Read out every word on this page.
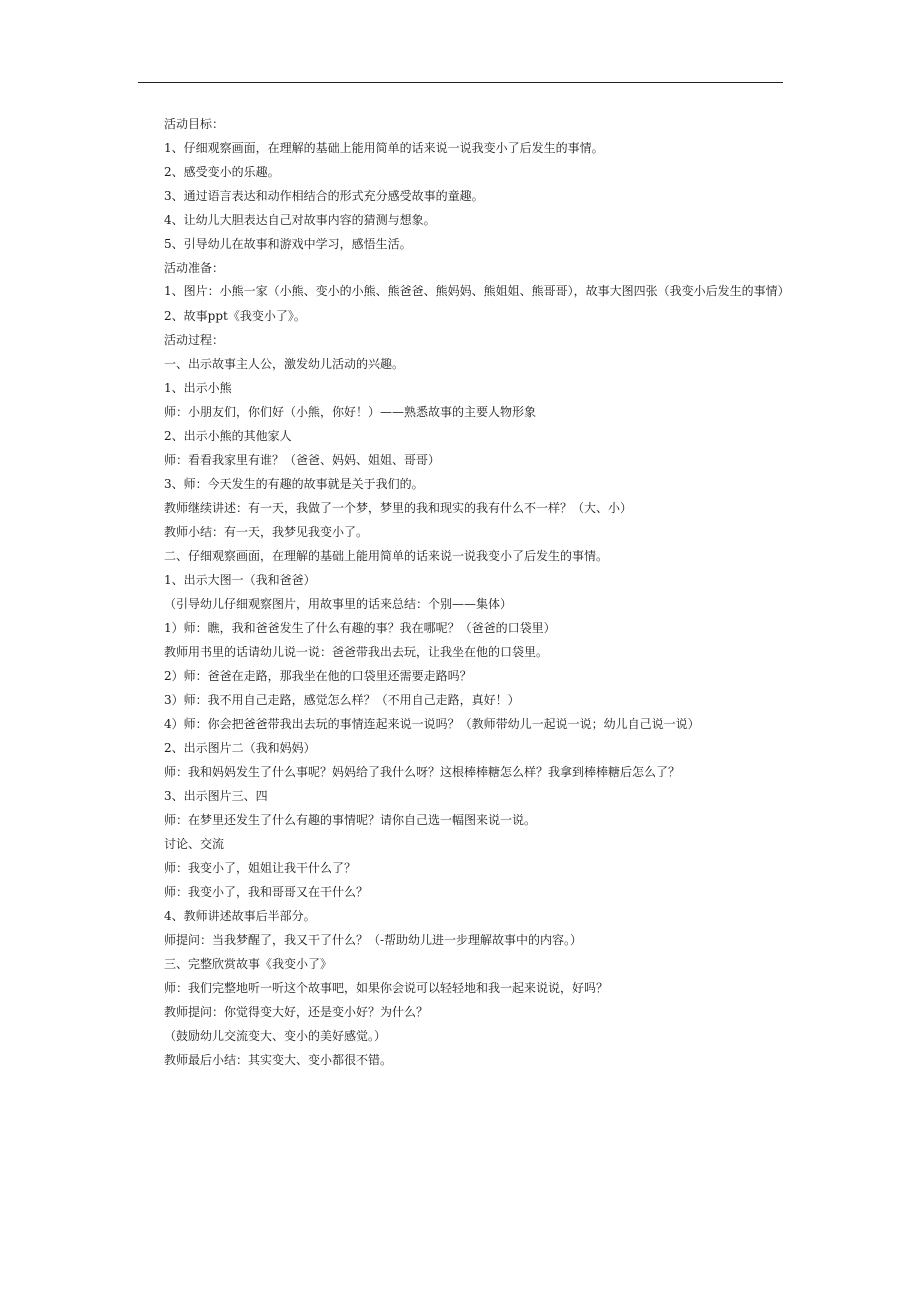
活动目标：
1、仔细观察画面，在理解的基础上能用简单的话来说一说我变小了后发生的事情。
2、感受变小的乐趣。
3、通过语言表达和动作相结合的形式充分感受故事的童趣。
4、让幼儿大胆表达自己对故事内容的猜测与想象。
5、引导幼儿在故事和游戏中学习，感悟生活。
活动准备：
1、图片：小熊一家（小熊、变小的小熊、熊爸爸、熊妈妈、熊姐姐、熊哥哥），故事大图四张（我变小后发生的事情）
2、故事ppt《我变小了》。
活动过程：
一、出示故事主人公，激发幼儿活动的兴趣。
1、出示小熊
师：小朋友们，你们好（小熊，你好！）——熟悉故事的主要人物形象
2、出示小熊的其他家人
师：看看我家里有谁？（爸爸、妈妈、姐姐、哥哥）
3、师：今天发生的有趣的故事就是关于我们的。
教师继续讲述：有一天，我做了一个梦，梦里的我和现实的我有什么不一样？（大、小）
教师小结：有一天，我梦见我变小了。
二、仔细观察画面，在理解的基础上能用简单的话来说一说我变小了后发生的事情。
1、出示大图一（我和爸爸）
（引导幼儿仔细观察图片，用故事里的话来总结：个别——集体）
1）师：瞧，我和爸爸发生了什么有趣的事？我在哪呢？（爸爸的口袋里）
教师用书里的话请幼儿说一说：爸爸带我出去玩，让我坐在他的口袋里。
2）师：爸爸在走路，那我坐在他的口袋里还需要走路吗？
3）师：我不用自己走路，感觉怎么样？（不用自己走路，真好！）
4）师：你会把爸爸带我出去玩的事情连起来说一说吗？（教师带幼儿一起说一说；幼儿自己说一说）
2、出示图片二（我和妈妈）
师：我和妈妈发生了什么事呢？妈妈给了我什么呀？这根棒棒糖怎么样？我拿到棒棒糖后怎么了？
3、出示图片三、四
师：在梦里还发生了什么有趣的事情呢？请你自己选一幅图来说一说。
讨论、交流
师：我变小了，姐姐让我干什么了？
师：我变小了，我和哥哥又在干什么？
4、教师讲述故事后半部分。
师提问：当我梦醒了，我又干了什么？（-帮助幼儿进一步理解故事中的内容。）
三、完整欣赏故事《我变小了》
师：我们完整地听一听这个故事吧，如果你会说可以轻轻地和我一起来说说，好吗？
教师提问：你觉得变大好，还是变小好？为什么？
（鼓励幼儿交流变大、变小的美好感觉。）
教师最后小结：其实变大、变小都很不错。
